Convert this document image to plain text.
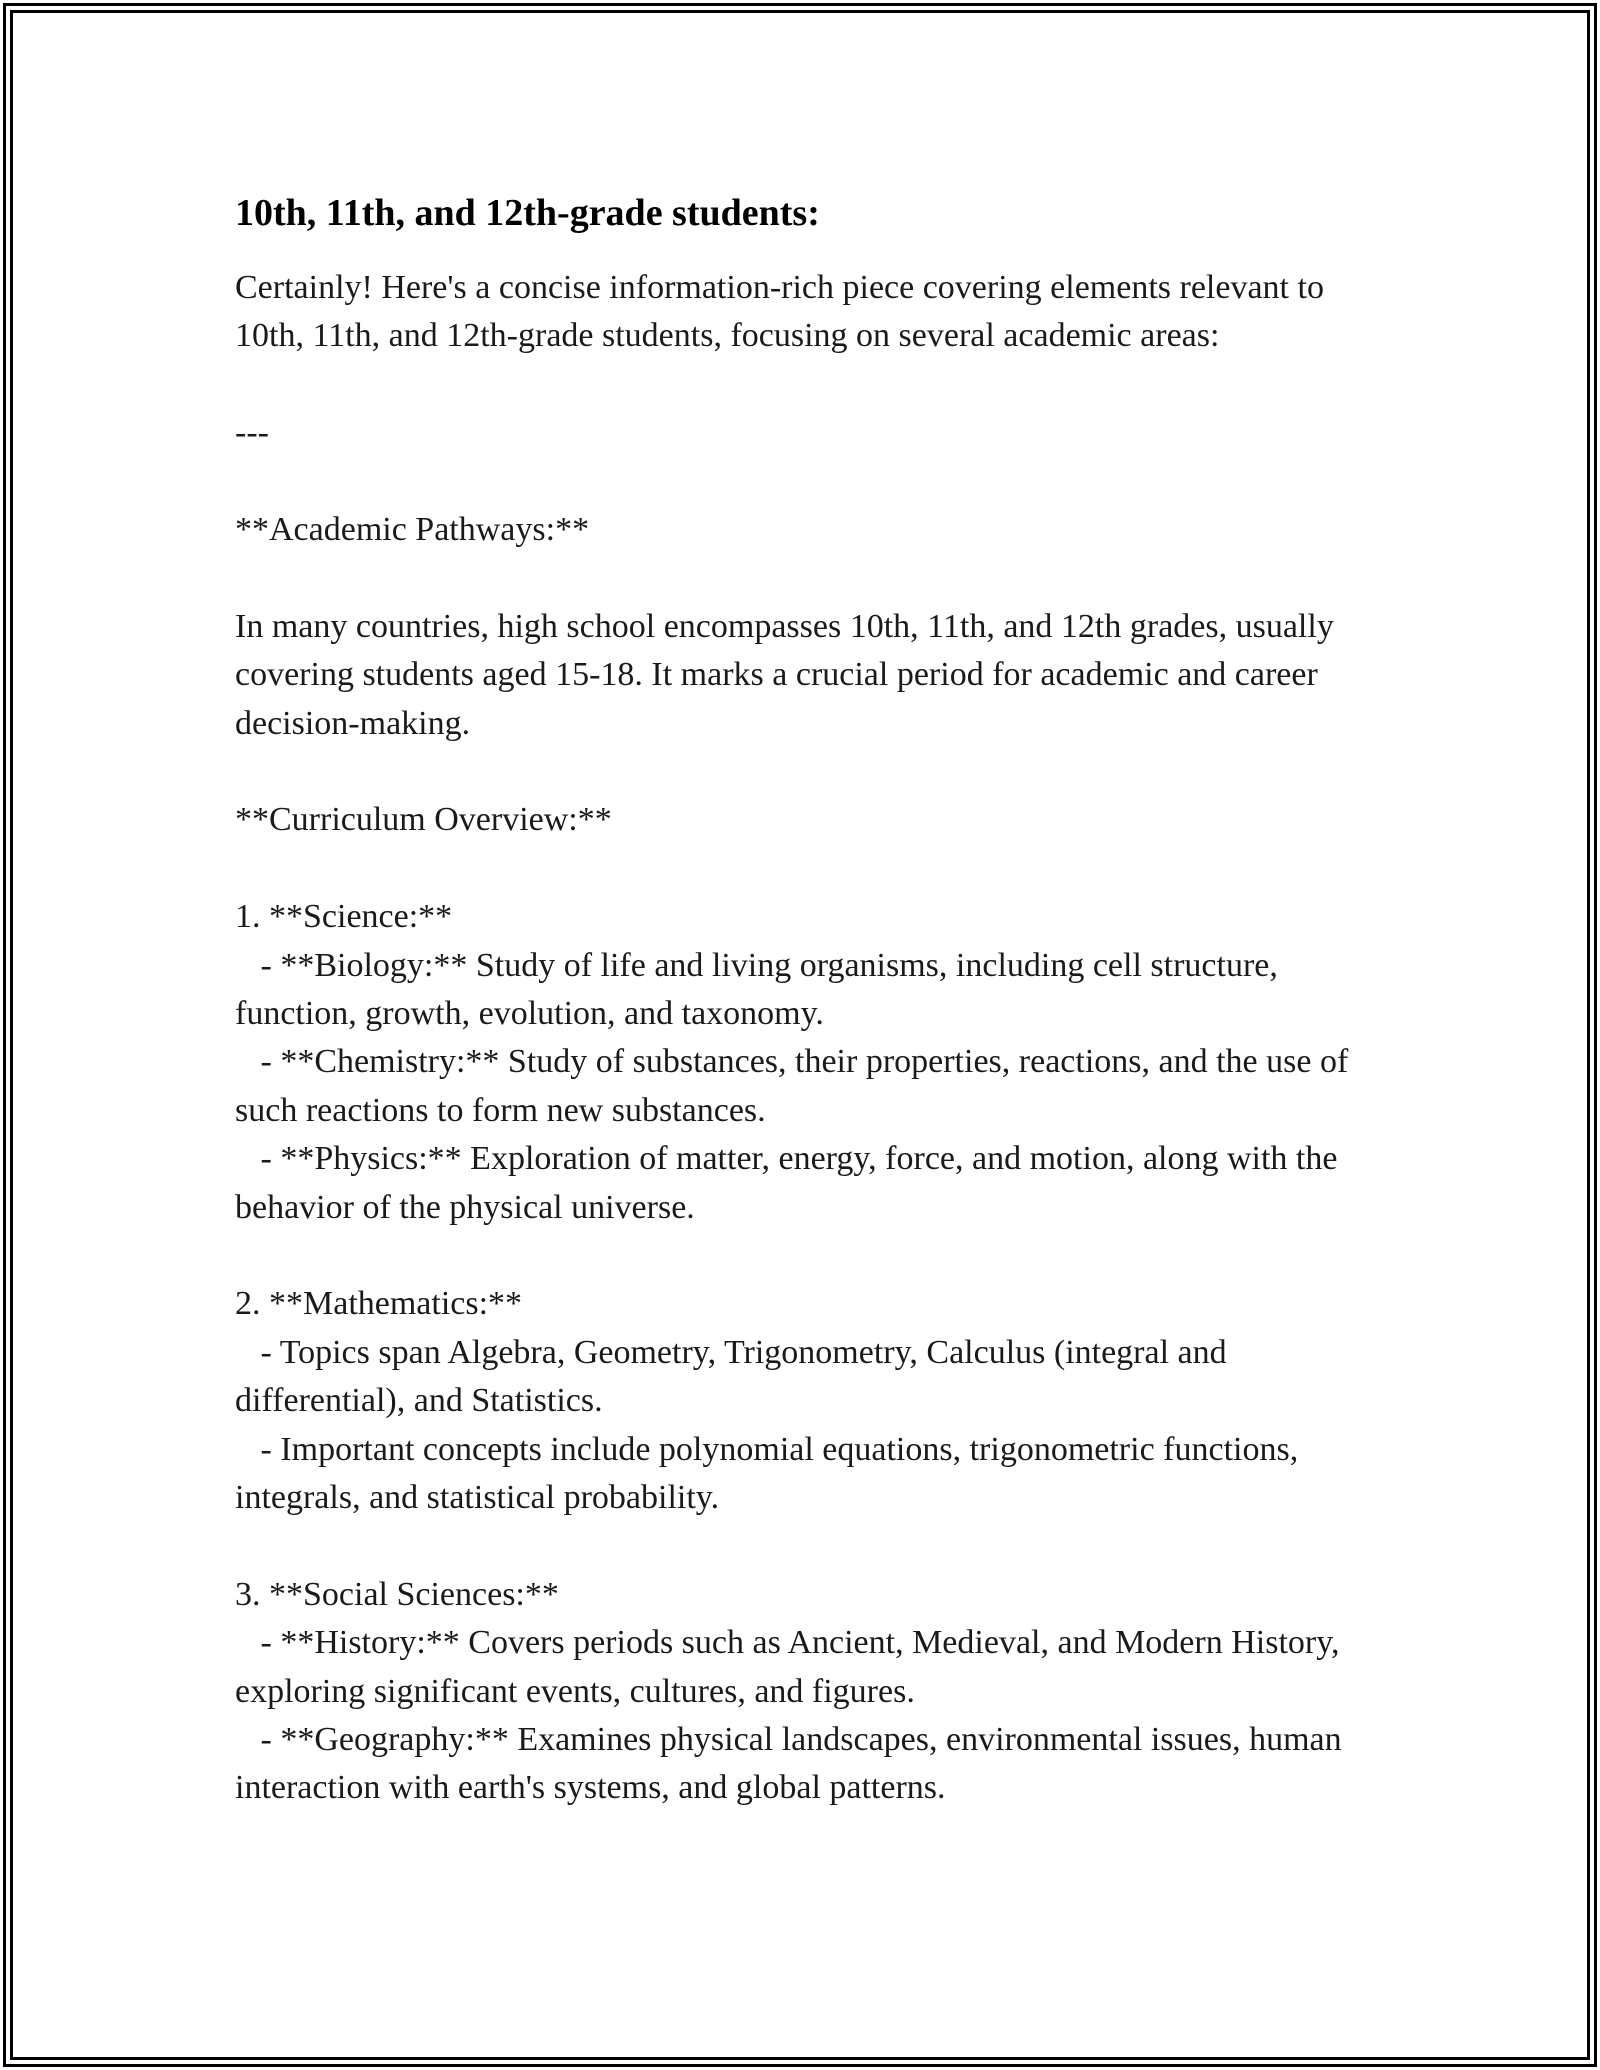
10th, 11th, and 12th-grade students:

Certainly! Here's a concise information-rich piece covering elements relevant to 10th, 11th, and 12th-grade students, focusing on several academic areas:

---

**Academic Pathways:**

In many countries, high school encompasses 10th, 11th, and 12th grades, usually covering students aged 15-18. It marks a crucial period for academic and career decision-making.

**Curriculum Overview:**

1. **Science:**

- **Biology:** Study of life and living organisms, including cell structure, function, growth, evolution, and taxonomy.

- **Chemistry:** Study of substances, their properties, reactions, and the use of such reactions to form new substances.

- **Physics:** Exploration of matter, energy, force, and motion, along with the behavior of the physical universe.

2. **Mathematics:**

- Topics span Algebra, Geometry, Trigonometry, Calculus (integral and differential), and Statistics.

- Important concepts include polynomial equations, trigonometric functions, integrals, and statistical probability.

3. **Social Sciences:**

- **History:** Covers periods such as Ancient, Medieval, and Modern History, exploring significant events, cultures, and figures.

- **Geography:** Examines physical landscapes, environmental issues, human interaction with earth's systems, and global patterns.
